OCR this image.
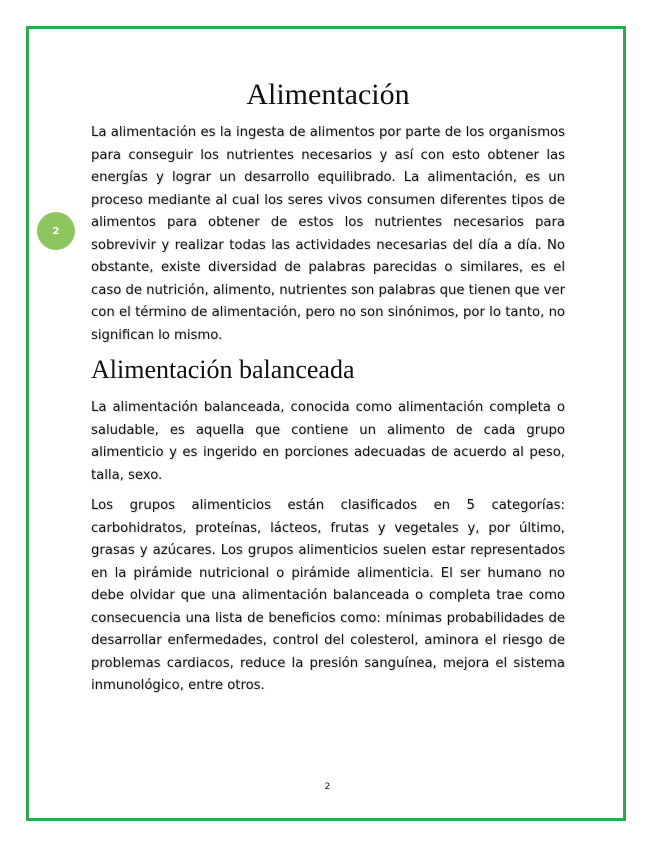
2
Alimentación

La alimentación es la ingesta de alimentos por parte de los organismos para conseguir los nutrientes necesarios y así con esto obtener las energías y lograr un desarrollo equilibrado. La alimentación, es un proceso mediante al cual los seres vivos consumen diferentes tipos de alimentos para obtener de estos los nutrientes necesarios para sobrevivir y realizar todas las actividades necesarias del día a día. No obstante, existe diversidad de palabras parecidas o similares, es el caso de nutrición, alimento, nutrientes son palabras que tienen que ver con el término de alimentación, pero no son sinónimos, por lo tanto, no significan lo mismo.

Alimentación balanceada

La alimentación balanceada, conocida como alimentación completa o saludable, es aquella que contiene un alimento de cada grupo alimenticio y es ingerido en porciones adecuadas de acuerdo al peso, talla, sexo.

Los grupos alimenticios están clasificados en 5 categorías: carbohidratos, proteínas, lácteos, frutas y vegetales y, por último, grasas y azúcares. Los grupos alimenticios suelen estar representados en la pirámide nutricional o pirámide alimenticia. El ser humano no debe olvidar que una alimentación balanceada o completa trae como consecuencia una lista de beneficios como: mínimas probabilidades de desarrollar enfermedades, control del colesterol, aminora el riesgo de problemas cardiacos, reduce la presión sanguínea, mejora el sistema inmunológico, entre otros.

2
